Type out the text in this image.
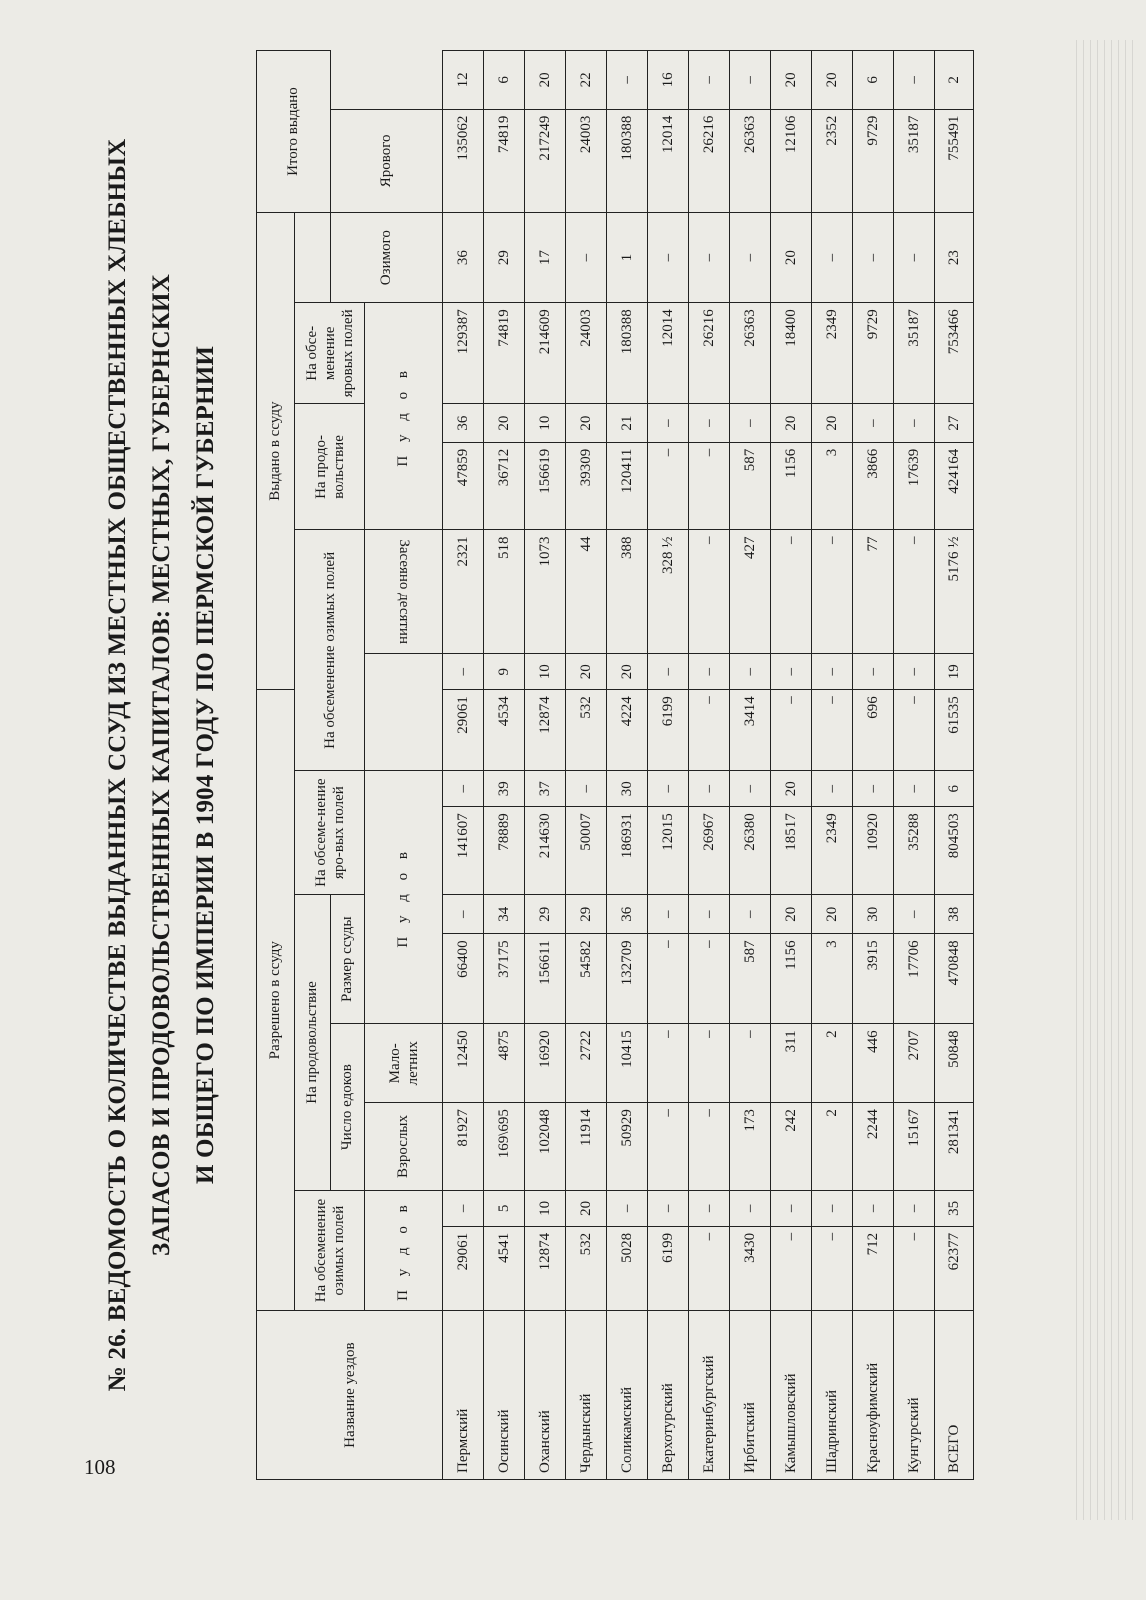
108
№ 26. ВЕДОМОСТЬ О КОЛИЧЕСТВЕ ВЫДАННЫХ ССУД ИЗ МЕСТНЫХ ОБЩЕСТВЕННЫХ ХЛЕБНЫХ ЗАПАСОВ И ПРОДОВОЛЬСТВЕННЫХ КАПИТАЛОВ: МЕСТНЫХ, ГУБЕРНСКИХ И ОБЩЕГО ПО ИМПЕРИИ В 1904 ГОДУ ПО ПЕРМСКОЙ ГУБЕРНИИ
Название уездов	Разрешено в ссуду									Выдано в ссуду						Итого выдано	
	На обсеменение озимых полей		На продовольствие				На обсеме-нение яро-вых полей		На обсеменение озимых полей			На продо-вольствие		На обсе-менение яровых полей			
			Число едоков		Размер ссуды										Озимого	Ярового	
	П у д о в		Взрослых	Мало-летних	П у д о в						Засеяно десятин	П у д о в					
Пермский	29061	–	81927	12450	66400	–	141607	–	29061	–	2321	47859	36	129387	36	135062	12
Осинский	4541	5	169\695	4875	37175	34	78889	39	4534	9	518	36712	20	74819	29	74819	6
Оханский	12874	10	102048	16920	156611	29	214630	37	12874	10	1073	156619	10	214609	17	217249	20
Чердынский	532	20	11914	2722	54582	29	50007	–	532	20	44	39309	20	24003	–	24003	22
Соликамский	5028	–	50929	10415	132709	36	186931	30	4224	20	388	120411	21	180388	1	180388	–
Верхотурский	6199	–	–	–	–	–	12015	–	6199	–	328 ½	–	–	12014	–	12014	16
Екатеринбургский	–	–	–	–	–	–	26967	–	–	–	–	–	–	26216	–	26216	–
Ирбитский	3430	–	173	–	587	–	26380	–	3414	–	427	587	–	26363	–	26363	–
Камышловский	–	–	242	311	1156	20	18517	20	–	–	–	1156	20	18400	20	12106	20
Шадринский	–	–	2	2	3	20	2349	–	–	–	–	3	20	2349	–	2352	20
Красноуфимский	712	–	2244	446	3915	30	10920	–	696	–	77	3866	–	9729	–	9729	6
Кунгурский	–	–	15167	2707	17706	–	35288	–	–	–	–	17639	–	35187	–	35187	–
ВСЕГО	62377	35	281341	50848	470848	38	804503	6	61535	19	5176 ½	424164	27	753466	23	755491	2
